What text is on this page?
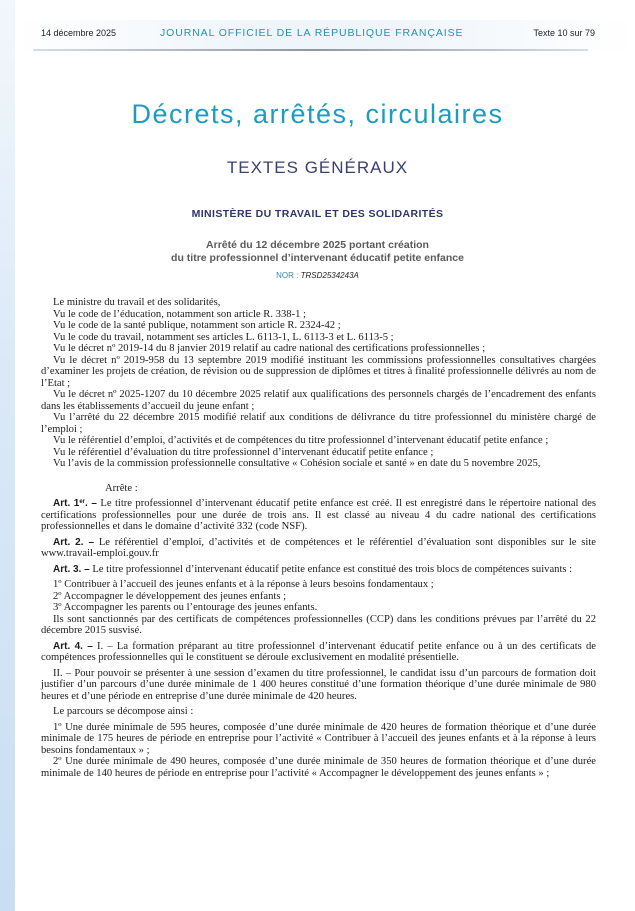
14 décembre 2025	JOURNAL OFFICIEL DE LA RÉPUBLIQUE FRANÇAISE	Texte 10 sur 79
Décrets, arrêtés, circulaires
TEXTES GÉNÉRAUX
MINISTÈRE DU TRAVAIL ET DES SOLIDARITÉS
Arrêté du 12 décembre 2025 portant création
du titre professionnel d’intervenant éducatif petite enfance
NOR : TRSD2534243A

Le ministre du travail et des solidarités,

Vu le code de l’éducation, notamment son article R. 338-1 ;

Vu le code de la santé publique, notamment son article R. 2324-42 ;

Vu le code du travail, notamment ses articles L. 6113-1, L. 6113-3 et L. 6113-5 ;

Vu le décret nº 2019-14 du 8 janvier 2019 relatif au cadre national des certifications professionnelles ;

Vu le décret nº 2019-958 du 13 septembre 2019 modifié instituant les commissions professionnelles consultatives chargées d’examiner les projets de création, de révision ou de suppression de diplômes et titres à finalité professionnelle délivrés au nom de l’Etat ;

Vu le décret nº 2025-1207 du 10 décembre 2025 relatif aux qualifications des personnels chargés de l’encadrement des enfants dans les établissements d’accueil du jeune enfant ;

Vu l’arrêté du 22 décembre 2015 modifié relatif aux conditions de délivrance du titre professionnel du ministère chargé de l’emploi ;

Vu le référentiel d’emploi, d’activités et de compétences du titre professionnel d’intervenant éducatif petite enfance ;

Vu le référentiel d’évaluation du titre professionnel d’intervenant éducatif petite enfance ;

Vu l’avis de la commission professionnelle consultative « Cohésion sociale et santé » en date du 5 novembre 2025,

Arrête :

Art. 1er. – Le titre professionnel d’intervenant éducatif petite enfance est créé. Il est enregistré dans le répertoire national des certifications professionnelles pour une durée de trois ans. Il est classé au niveau 4 du cadre national des certifications professionnelles et dans le domaine d’activité 332 (code NSF).

Art. 2. – Le référentiel d’emploi, d’activités et de compétences et le référentiel d’évaluation sont disponibles sur le site www.travail-emploi.gouv.fr

Art. 3. – Le titre professionnel d’intervenant éducatif petite enfance est constitué des trois blocs de compétences suivants :

1º Contribuer à l’accueil des jeunes enfants et à la réponse à leurs besoins fondamentaux ;

2º Accompagner le développement des jeunes enfants ;

3º Accompagner les parents ou l’entourage des jeunes enfants.

Ils sont sanctionnés par des certificats de compétences professionnelles (CCP) dans les conditions prévues par l’arrêté du 22 décembre 2015 susvisé.

Art. 4. – I. – La formation préparant au titre professionnel d’intervenant éducatif petite enfance ou à un des certificats de compétences professionnelles qui le constituent se déroule exclusivement en modalité présentielle.

II. – Pour pouvoir se présenter à une session d’examen du titre professionnel, le candidat issu d’un parcours de formation doit justifier d’un parcours d’une durée minimale de 1 400 heures constitué d’une formation théorique d’une durée minimale de 980 heures et d’une période en entreprise d’une durée minimale de 420 heures.

Le parcours se décompose ainsi :

1º Une durée minimale de 595 heures, composée d’une durée minimale de 420 heures de formation théorique et d’une durée minimale de 175 heures de période en entreprise pour l’activité « Contribuer à l’accueil des jeunes enfants et à la réponse à leurs besoins fondamentaux » ;

2º Une durée minimale de 490 heures, composée d’une durée minimale de 350 heures de formation théorique et d’une durée minimale de 140 heures de période en entreprise pour l’activité « Accompagner le développement des jeunes enfants » ;
